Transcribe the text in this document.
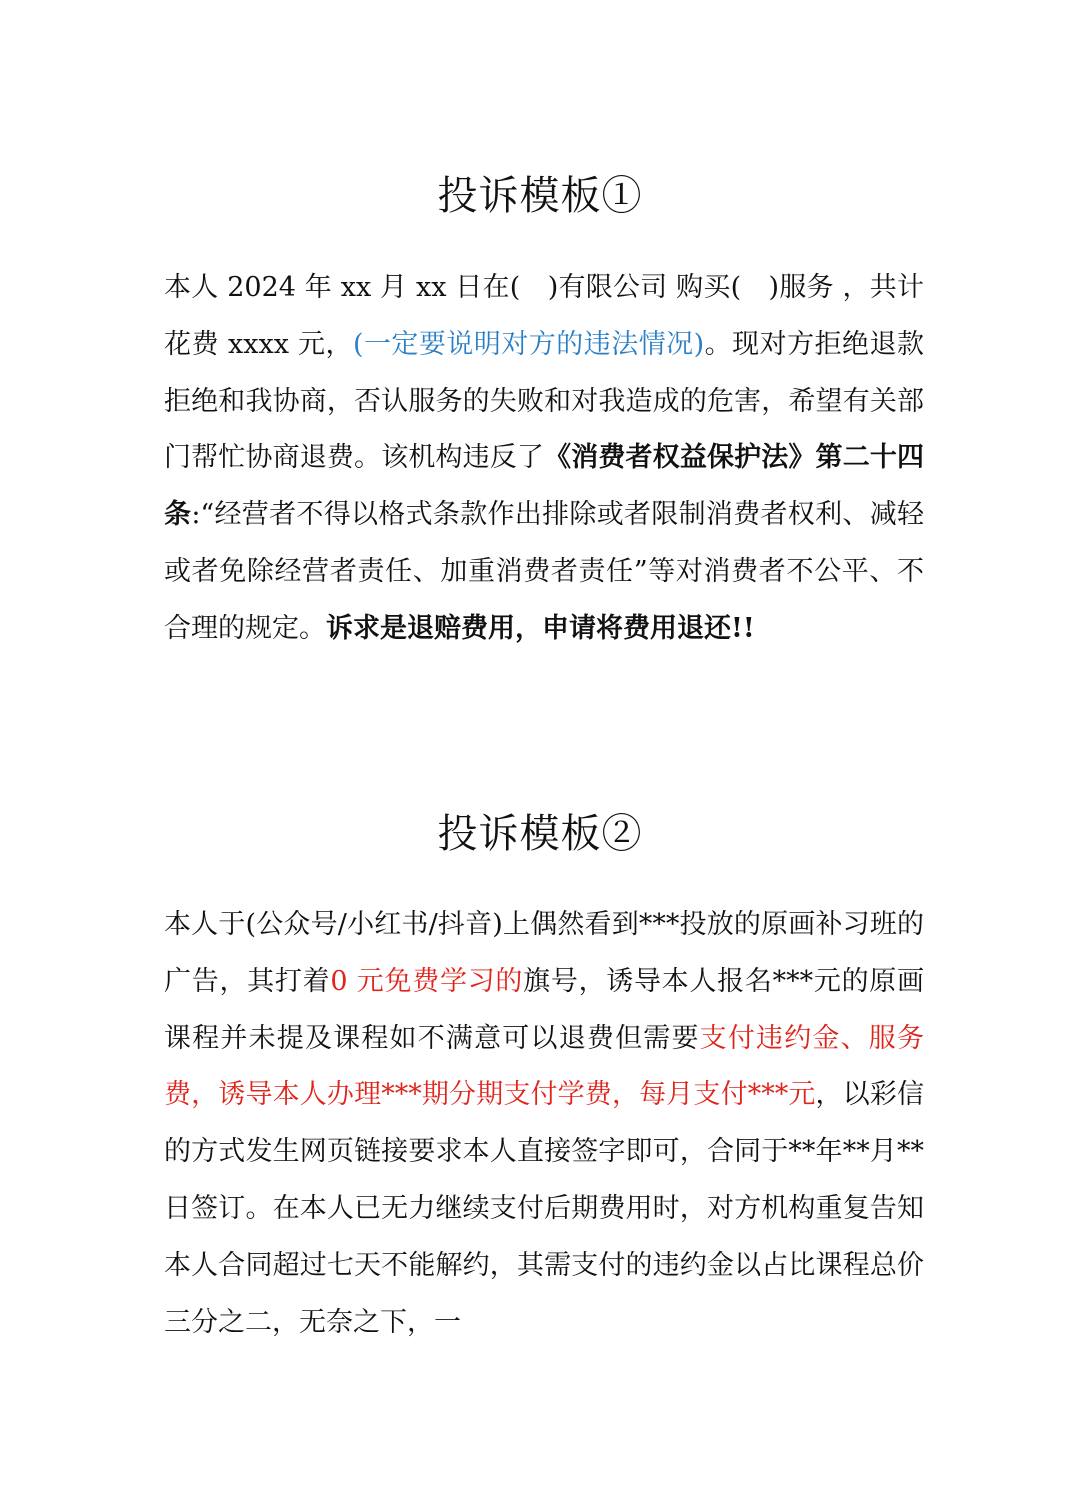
投诉模板①

本人 2024 年 xx 月 xx 日在(　)有限公司 购买(　)服务 ，共计花费 xxxx 元，(一定要说明对方的违法情况)。现对方拒绝退款拒绝和我协商，否认服务的失败和对我造成的危害，希望有关部门帮忙协商退费。该机构违反了《消费者权益保护法》第二十四条:“经营者不得以格式条款作出排除或者限制消费者权利、减轻或者免除经营者责任、加重消费者责任”等对消费者不公平、不合理的规定。诉求是退赔费用，申请将费用退还!!

投诉模板②

本人于(公众号/小红书/抖音)上偶然看到***投放的原画补习班的广告，其打着0 元免费学习的旗号，诱导本人报名***元的原画课程并未提及课程如不满意可以退费但需要支付违约金、服务费，诱导本人办理***期分期支付学费，每月支付***元，以彩信的方式发生网页链接要求本人直接签字即可，合同于**年**月**日签订。在本人已无力继续支付后期费用时，对方机构重复告知本人合同超过七天不能解约，其需支付的违约金以占比课程总价三分之二，无奈之下，一
